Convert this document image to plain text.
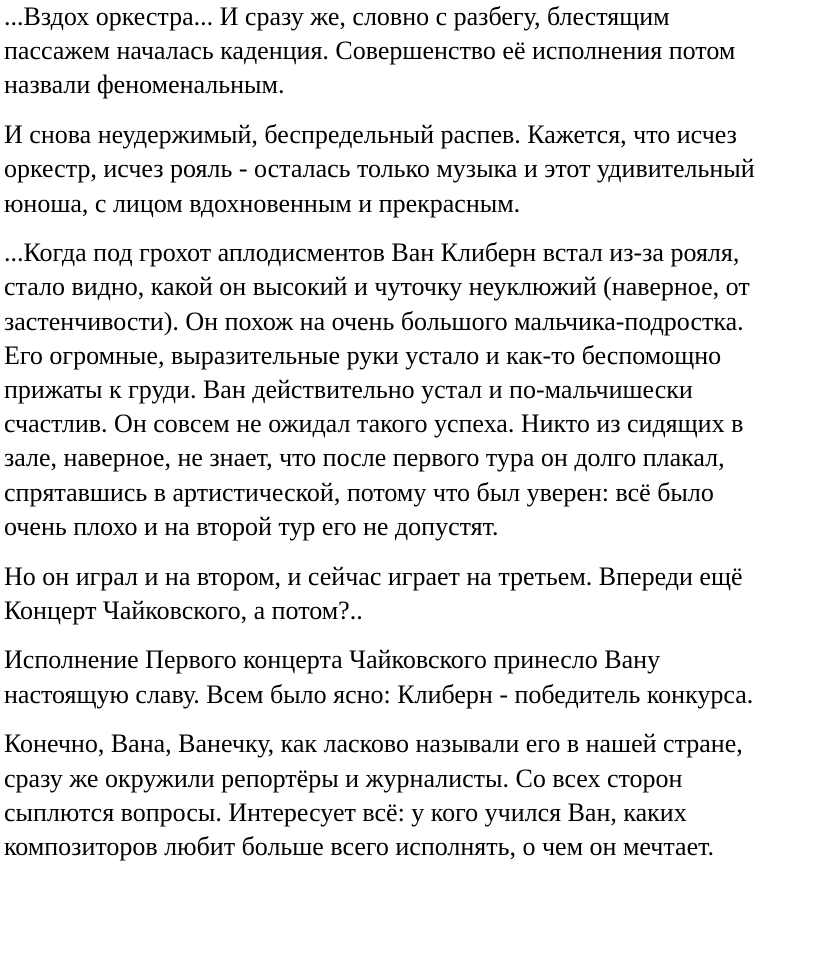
...Вздох оркестра... И сразу же, словно с разбегу, блестящим
пассажем началась каденция. Совершенство её исполнения потом
назвали феноменальным.

И снова неудержимый, беспредельный распев. Кажется, что исчез
оркестр, исчез рояль - осталась только музыка и этот удивительный
юноша, с лицом вдохновенным и прекрасным.

...Когда под грохот аплодисментов Ван Клиберн встал из-за рояля,
стало видно, какой он высокий и чуточку неуклюжий (наверное, от
застенчивости). Он похож на очень большого мальчика-подростка.
Его огромные, выразительные руки устало и как-то беспомощно
прижаты к груди. Ван действительно устал и по-мальчишески
счастлив. Он совсем не ожидал такого успеха. Никто из сидящих в
зале, наверное, не знает, что после первого тура он долго плакал,
спрятавшись в артистической, потому что был уверен: всё было
очень плохо и на второй тур его не допустят.

Но он играл и на втором, и сейчас играет на третьем. Впереди ещё
Концерт Чайковского, а потом?..

Исполнение Первого концерта Чайковского принесло Вану
настоящую славу. Всем было ясно: Клиберн - победитель конкурса.

Конечно, Вана, Ванечку, как ласково называли его в нашей стране,
сразу же окружили репортёры и журналисты. Со всех сторон
сыплются вопросы. Интересует всё: у кого учился Ван, каких
композиторов любит больше всего исполнять, о чем он мечтает.
